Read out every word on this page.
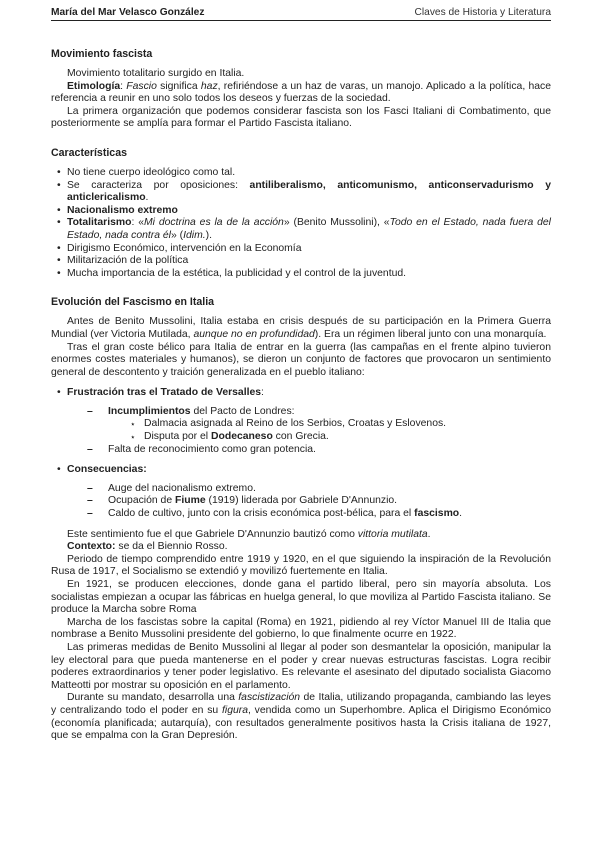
María del Mar Velasco González	Claves de Historia y Literatura
Movimiento fascista

Movimiento totalitario surgido en Italia.

Etimología: Fascio significa haz, refiriéndose a un haz de varas, un manojo. Aplicado a la política, hace referencia a reunir en uno solo todos los deseos y fuerzas de la sociedad.

La primera organización que podemos considerar fascista son los Fasci Italiani di Combatimento, que posteriormente se amplía para formar el Partido Fascista italiano.

Características
• No tiene cuerpo ideológico como tal.
• Se caracteriza por oposiciones: antiliberalismo, anticomunismo, anticonservadurismo y anticlericalismo.
• Nacionalismo extremo
• Totalitarismo: «Mi doctrina es la de la acción» (Benito Mussolini), «Todo en el Estado, nada fuera del Estado, nada contra él» (Idim.).
• Dirigismo Económico, intervención en la Economía
• Militarización de la política
• Mucha importancia de la estética, la publicidad y el control de la juventud.
Evolución del Fascismo en Italia

Antes de Benito Mussolini, Italia estaba en crisis después de su participación en la Primera Guerra Mundial (ver Victoria Mutilada, aunque no en profundidad). Era un régimen liberal junto con una monarquía.

Tras el gran coste bélico para Italia de entrar en la guerra (las campañas en el frente alpino tuvieron enormes costes materiales y humanos), se dieron un conjunto de factores que provocaron un sentimiento general de descontento y traición generalizada en el pueblo italiano:

• Frustración tras el Tratado de Versalles:
– Incumplimientos del Pacto de Londres:
⋆ Dalmacia asignada al Reino de los Serbios, Croatas y Eslovenos.
⋆ Disputa por el Dodecaneso con Grecia.
– Falta de reconocimiento como gran potencia.
• Consecuencias:
– Auge del nacionalismo extremo.
– Ocupación de Fiume (1919) liderada por Gabriele D'Annunzio.
– Caldo de cultivo, junto con la crisis económica post-bélica, para el fascismo.

Este sentimiento fue el que Gabriele D'Annunzio bautizó como vittoria mutilata.

Contexto: se da el Biennio Rosso.

Periodo de tiempo comprendido entre 1919 y 1920, en el que siguiendo la inspiración de la Revolución Rusa de 1917, el Socialismo se extendió y movilizó fuertemente en Italia.

En 1921, se producen elecciones, donde gana el partido liberal, pero sin mayoría absoluta. Los socialistas empiezan a ocupar las fábricas en huelga general, lo que moviliza al Partido Fascista italiano. Se produce la Marcha sobre Roma

Marcha de los fascistas sobre la capital (Roma) en 1921, pidiendo al rey Víctor Manuel III de Italia que nombrase a Benito Mussolini presidente del gobierno, lo que finalmente ocurre en 1922.

Las primeras medidas de Benito Mussolini al llegar al poder son desmantelar la oposición, manipular la ley electoral para que pueda mantenerse en el poder y crear nuevas estructuras fascistas. Logra recibir poderes extraordinarios y tener poder legislativo. Es relevante el asesinato del diputado socialista Giacomo Matteotti por mostrar su oposición en el parlamento.

Durante su mandato, desarrolla una fascistización de Italia, utilizando propaganda, cambiando las leyes y centralizando todo el poder en su figura, vendida como un Superhombre. Aplica el Dirigismo Económico (economía planificada; autarquía), con resultados generalmente positivos hasta la Crisis italiana de 1927, que se empalma con la Gran Depresión.
